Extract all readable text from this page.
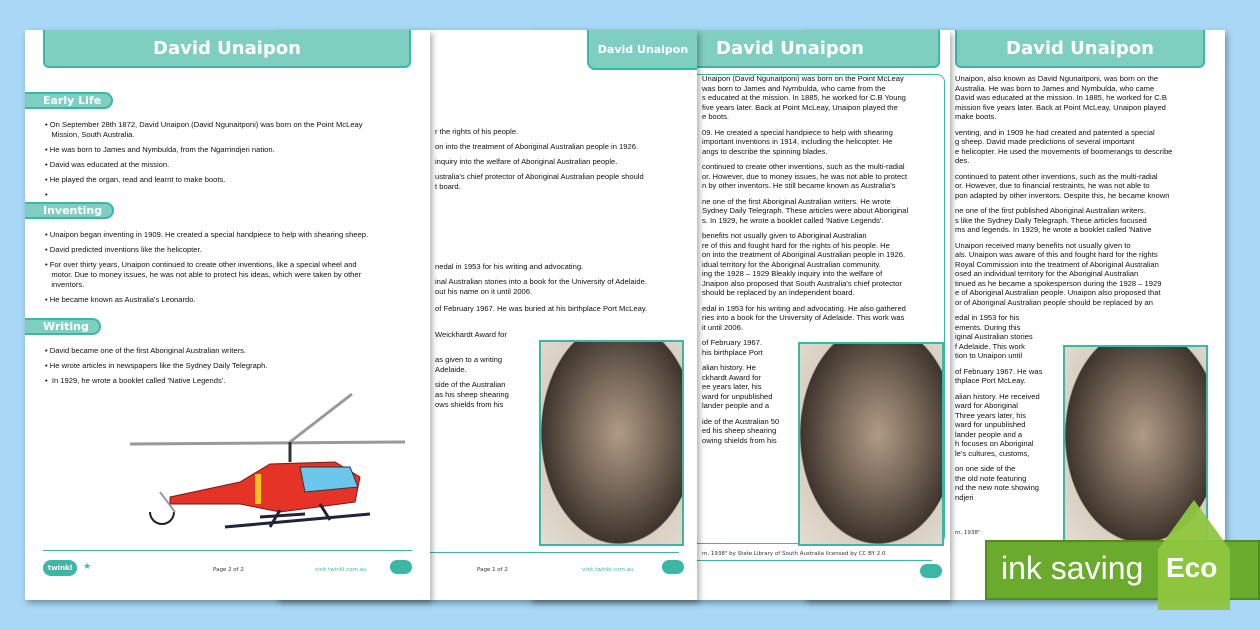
David Unaipon
Unaipon, also known as David Ngunaitponi, was born on the
Australia. He was born to James and Nymbulda, who came
David was educated at the mission. In 1885, he worked for C.B
mission five years later. Back at Point McLeay, Unaipon played
make boots.
venting, and in 1909 he had created and patented a special
g sheep. David made predictions of several important
e helicopter. He used the movements of boomerangs to describe
des.
continued to patent other inventions, such as the multi-radial
or. However, due to financial restraints, he was not able to
pon adapted by other inventors. Despite this, he became known
ne one of the first published Aboriginal Australian writers.
s like the Sydney Daily Telegraph. These articles focused
ms and legends. In 1929, he wrote a booklet called 'Native
Unaipon received many benefits not usually given to
als. Unaipon was aware of this and fought hard for the rights
Royal Commission into the treatment of Aboriginal Australian
osed an individual territory for the Aboriginal Australian
tinued as he became a spokesperson during the 1928 – 1929
e of Aboriginal Australian people. Unaipon also proposed that
or of Aboriginal Australian people should be replaced by an
edal in 1953 for his
ements. During this
iginal Australian stories
f Adelaide. This work
tion to Unaipon until
of February 1967. He was
thplace Port McLeay.
alian history. He received
ward for Aboriginal
Three years later, his
ward for unpublished
lander people and a
h focuses on Aboriginal
le's cultures, customs,
on one side of the
the old note featuring
nd the new note showing
ndjeri
m, 1938"
David Unaipon
Unaipon (David Ngunaitponi) was born on the Point McLeay
was born to James and Nymbulda, who came from the
s educated at the mission. In 1885, he worked for C.B Young
five years later. Back at Point McLeay, Unaipon played the
e boots.
09. He created a special handpiece to help with shearing
important inventions in 1914, including the helicopter. He
angs to describe the spinning blades.
continued to create other inventions, such as the multi-radial
or. However, due to money issues, he was not able to protect
n by other inventors. He still became known as Australia's
ne one of the first Aboriginal Australian writers. He wrote
Sydney Daily Telegraph. These articles were about Aboriginal
s. In 1929, he wrote a booklet called 'Native Legends'.
benefits not usually given to Aboriginal Australian
re of this and fought hard for the rights of his people. He
on into the treatment of Aboriginal Australian people in 1926.
idual territory for the Aboriginal Australian community.
ing the 1928 – 1929 Bleakly inquiry into the welfare of
Jnaipon also proposed that South Australia's chief protector
should be replaced by an independent board.
edal in 1953 for his writing and advocating. He also gathered
ries into a book for the University of Adelaide. This work was
it until 2006.
of February 1967.
his birthplace Port
alian history. He
ckhardt Award for
ee years later, his
ward for unpublished
lander people and a
ide of the Australian 50
ed his sheep shearing
owing shields from his
m, 1938" by State Library of South Australia licensed by CC BY 2.0
David Unaipon
r the rights of his people.
on into the treatment of Aboriginal Australian people in 1926.
inquiry into the welfare of Aboriginal Australian people.
ustralia's chief protector of Aboriginal Australian people should
t board.
nedal in 1953 for his writing and advocating.
inal Australian stories into a book for the University of Adelaide.
out his name on it until 2006.
of February 1967. He was buried at his birthplace Port McLeay.
Weickhardt Award for
as given to a writing
Adelaide.
side of the Australian
as his sheep shearing
ows shields from his
Page 1 of 2	visit twinkl.com.au
David Unaipon
Early Life
• On September 28th 1872, David Unaipon (David Ngunaitponi) was born on the Point McLeay
Mission, South Australia.
• He was born to James and Nymbulda, from the Ngarrindjeri nation.
• David was educated at the mission.
• He played the organ, read and learnt to make boots.
•
Inventing
• Unaipon began inventing in 1909. He created a special handpiece to help with shearing sheep.
• David predicted inventions like the helicopter.
• For over thirty years, Unaipon continued to create other inventions, like a special wheel and
motor. Due to money issues, he was not able to protect his ideas, which were taken by other
inventors.
• He became known as Australia's Leonardo.
Writing
• David became one of the first Aboriginal Australian writers.
• He wrote articles in newspapers like the Sydney Daily Telegraph.
•  In 1929, he wrote a booklet called 'Native Legends'.
twinkl	★	Page 2 of 2	visit twinkl.com.au	ink saving Eco
